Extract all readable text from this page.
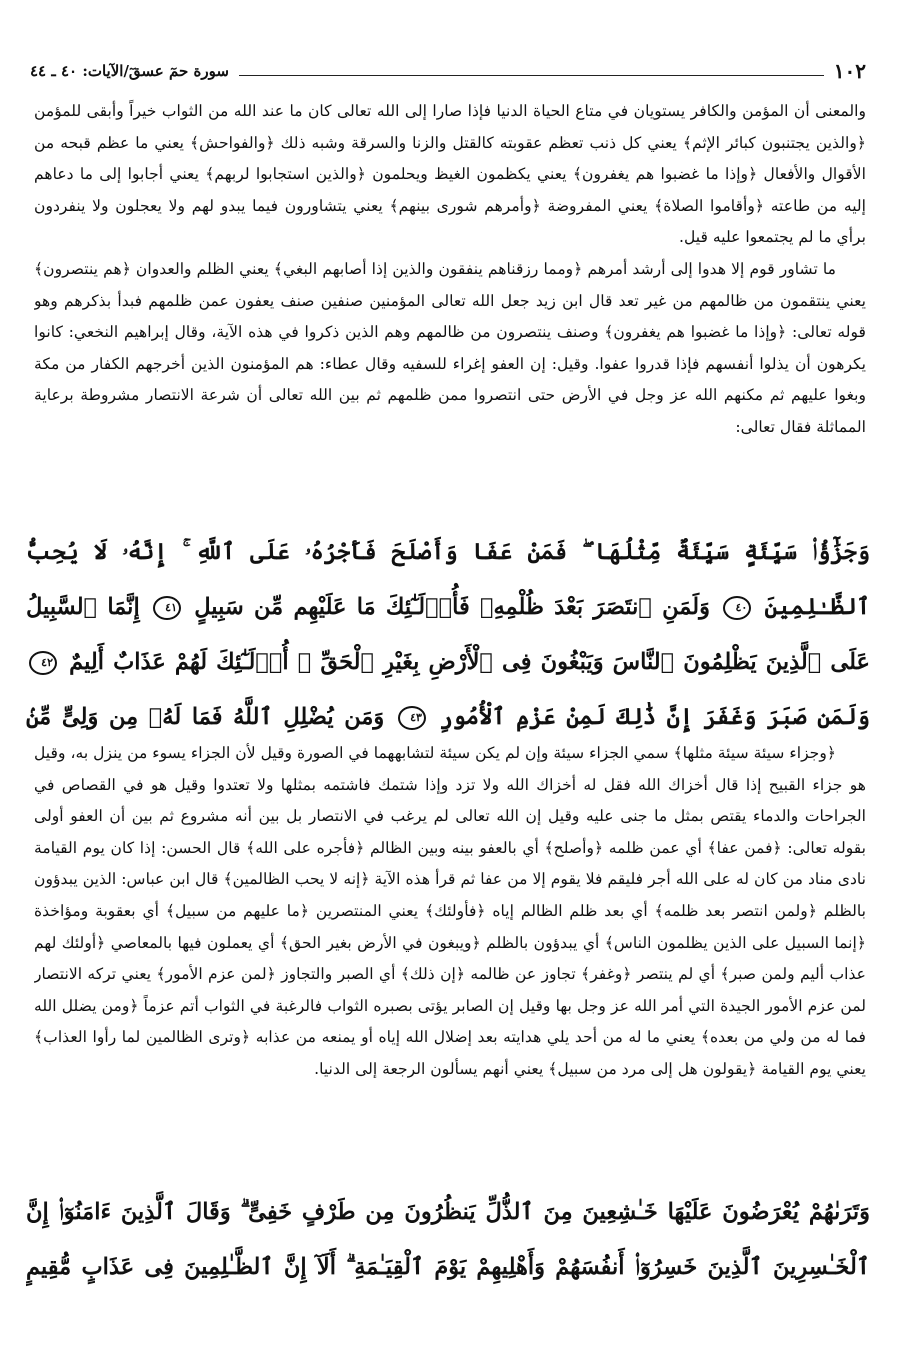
١٠٢
سورة حمٓ عسقٓ/الآيات: ٤٠ ـ ٤٤

والمعنى أن المؤمن والكافر يستويان في متاع الحياة الدنيا فإذا صارا إلى الله تعالى كان ما عند الله من الثواب خيراً وأبقى للمؤمن ﴿والذين يجتنبون كبائر الإثم﴾ يعني كل ذنب تعظم عقوبته كالقتل والزنا والسرقة وشبه ذلك ﴿والفواحش﴾ يعني ما عظم قبحه من الأقوال والأفعال ﴿وإذا ما غضبوا هم يغفرون﴾ يعني يكظمون الغيظ ويحلمون ﴿والذين استجابوا لربهم﴾ يعني أجابوا إلى ما دعاهم إليه من طاعته ﴿وأقاموا الصلاة﴾ يعني المفروضة ﴿وأمرهم شورى بينهم﴾ يعني يتشاورون فيما يبدو لهم ولا يعجلون ولا ينفردون برأي ما لم يجتمعوا عليه قيل.

ما تشاور قوم إلا هدوا إلى أرشد أمرهم ﴿ومما رزقناهم ينفقون والذين إذا أصابهم البغي﴾ يعني الظلم والعدوان ﴿هم ينتصرون﴾ يعني ينتقمون من ظالمهم من غير تعد قال ابن زيد جعل الله تعالى المؤمنين صنفين صنف يعفون عمن ظلمهم فبدأ بذكرهم وهو قوله تعالى: ﴿وإذا ما غضبوا هم يغفرون﴾ وصنف ينتصرون من ظالمهم وهم الذين ذكروا في هذه الآية، وقال إبراهيم النخعي: كانوا يكرهون أن يذلوا أنفسهم فإذا قدروا عفوا. وقيل: إن العفو إغراء للسفيه وقال عطاء: هم المؤمنون الذين أخرجهم الكفار من مكة وبغوا عليهم ثم مكنهم الله عز وجل في الأرض حتى انتصروا ممن ظلمهم ثم بين الله تعالى أن شرعة الانتصار مشروطة برعاية المماثلة فقال تعالى:

وَجَزَٰٓؤُا۟ سَيِّئَةٍ سَيِّئَةٌ مِّثْلُهَا ۖ فَمَنْ عَفَا وَأَصْلَحَ فَأَجْرُهُۥ عَلَى ٱللَّهِ ۚ إِنَّهُۥ لَا يُحِبُّ ٱلظَّـٰلِمِينَ ٤٠ وَلَمَنِ ٱنتَصَرَ بَعْدَ ظُلْمِهِۦ فَأُو۟لَـٰٓئِكَ مَا عَلَيْهِم مِّن سَبِيلٍ ٤١ إِنَّمَا ٱلسَّبِيلُ عَلَى ٱلَّذِينَ يَظْلِمُونَ ٱلنَّاسَ وَيَبْغُونَ فِى ٱلْأَرْضِ بِغَيْرِ ٱلْحَقِّ ۚ أُو۟لَـٰٓئِكَ لَهُمْ عَذَابٌ أَلِيمٌ ٤٢ وَلَمَن صَبَرَ وَغَفَرَ إِنَّ ذَٰلِكَ لَمِنْ عَزْمِ ٱلْأُمُورِ ٤٣ وَمَن يُضْلِلِ ٱللَّهُ فَمَا لَهُۥ مِن وَلِىٍّ مِّنۢ

﴿وجزاء سيئة سيئة مثلها﴾ سمي الجزاء سيئة وإن لم يكن سيئة لتشابههما في الصورة وقيل لأن الجزاء يسوء من ينزل به، وقيل هو جزاء القبيح إذا قال أخزاك الله فقل له أخزاك الله ولا تزد وإذا شتمك فاشتمه بمثلها ولا تعتدوا وقيل هو في القصاص في الجراحات والدماء يقتص بمثل ما جنى عليه وقيل إن الله تعالى لم يرغب في الانتصار بل بين أنه مشروع ثم بين أن العفو أولى بقوله تعالى: ﴿فمن عفا﴾ أي عمن ظلمه ﴿وأصلح﴾ أي بالعفو بينه وبين الظالم ﴿فأجره على الله﴾ قال الحسن: إذا كان يوم القيامة نادى مناد من كان له على الله أجر فليقم فلا يقوم إلا من عفا ثم قرأ هذه الآية ﴿إنه لا يحب الظالمين﴾ قال ابن عباس: الذين يبدؤون بالظلم ﴿ولمن انتصر بعد ظلمه﴾ أي بعد ظلم الظالم إياه ﴿فأولئك﴾ يعني المنتصرين ﴿ما عليهم من سبيل﴾ أي بعقوبة ومؤاخذة ﴿إنما السبيل على الذين يظلمون الناس﴾ أي يبدؤون بالظلم ﴿ويبغون في الأرض بغير الحق﴾ أي يعملون فيها بالمعاصي ﴿أولئك لهم عذاب أليم ولمن صبر﴾ أي لم ينتصر ﴿وغفر﴾ تجاوز عن ظالمه ﴿إن ذلك﴾ أي الصبر والتجاوز ﴿لمن عزم الأمور﴾ يعني تركه الانتصار لمن عزم الأمور الجيدة التي أمر الله عز وجل بها وقيل إن الصابر يؤتى بصبره الثواب فالرغبة في الثواب أتم عزماً ﴿ومن يضلل الله فما له من ولي من بعده﴾ يعني ما له من أحد يلي هدايته بعد إضلال الله إياه أو يمنعه من عذابه ﴿وترى الظالمين لما رأوا العذاب﴾ يعني يوم القيامة ﴿يقولون هل إلى مرد من سبيل﴾ يعني أنهم يسألون الرجعة إلى الدنيا.

وَتَرَىٰهُمْ يُعْرَضُونَ عَلَيْهَا خَـٰشِعِينَ مِنَ ٱلذُّلِّ يَنظُرُونَ مِن طَرْفٍ خَفِىٍّ ۗ وَقَالَ ٱلَّذِينَ ءَامَنُوٓا۟ إِنَّ ٱلْخَـٰسِرِينَ ٱلَّذِينَ خَسِرُوٓا۟ أَنفُسَهُمْ وَأَهْلِيهِمْ يَوْمَ ٱلْقِيَـٰمَةِ ۗ أَلَآ إِنَّ ٱلظَّـٰلِمِينَ فِى عَذَابٍ مُّقِيمٍ
